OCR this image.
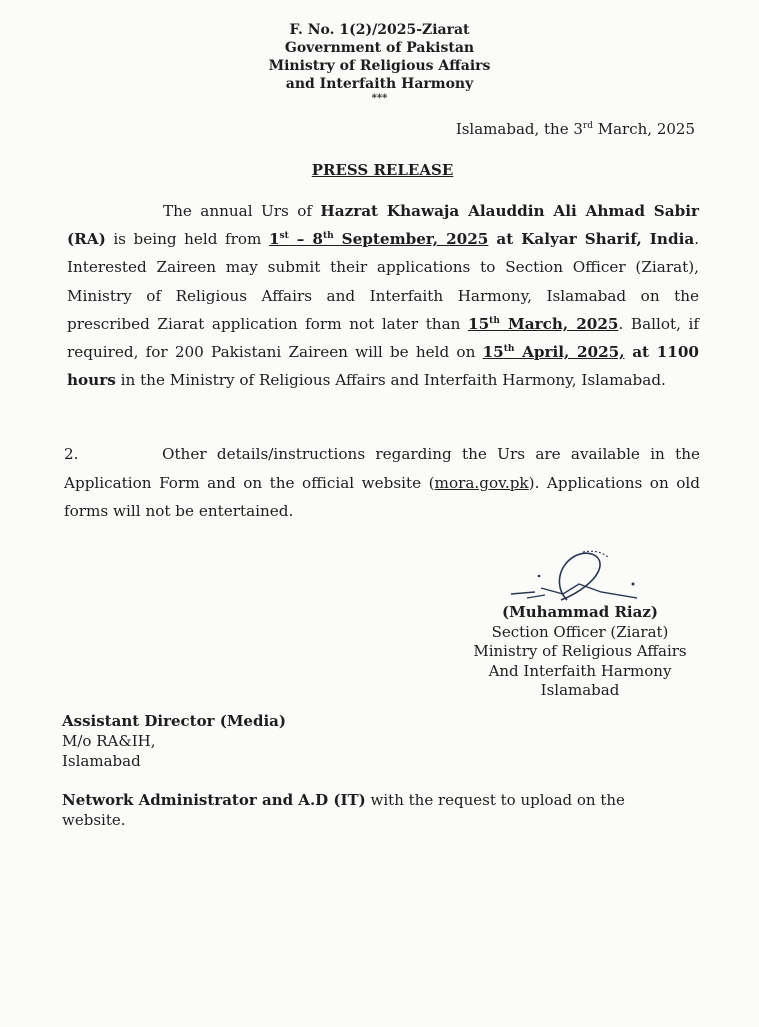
F. No. 1(2)/2025-Ziarat
Government of Pakistan
Ministry of Religious Affairs
and Interfaith Harmony
***
Islamabad, the 3rd March, 2025
PRESS RELEASE
The annual Urs of Hazrat Khawaja Alauddin Ali Ahmad Sabir (RA) is being held from 1st – 8th September, 2025 at Kalyar Sharif, India. Interested Zaireen may submit their applications to Section Officer (Ziarat), Ministry of Religious Affairs and Interfaith Harmony, Islamabad on the prescribed Ziarat application form not later than 15th March, 2025. Ballot, if required, for 200 Pakistani Zaireen will be held on 15th April, 2025, at 1100 hours in the Ministry of Religious Affairs and Interfaith Harmony, Islamabad.
2.	Other details/instructions regarding the Urs are available in the Application Form and on the official website (mora.gov.pk). Applications on old forms will not be entertained.
(Muhammad Riaz)
Section Officer (Ziarat)
Ministry of Religious Affairs
And Interfaith Harmony
Islamabad
Assistant Director (Media)
M/o RA&IH,
Islamabad
Network Administrator and A.D (IT) with the request to upload on the website.
